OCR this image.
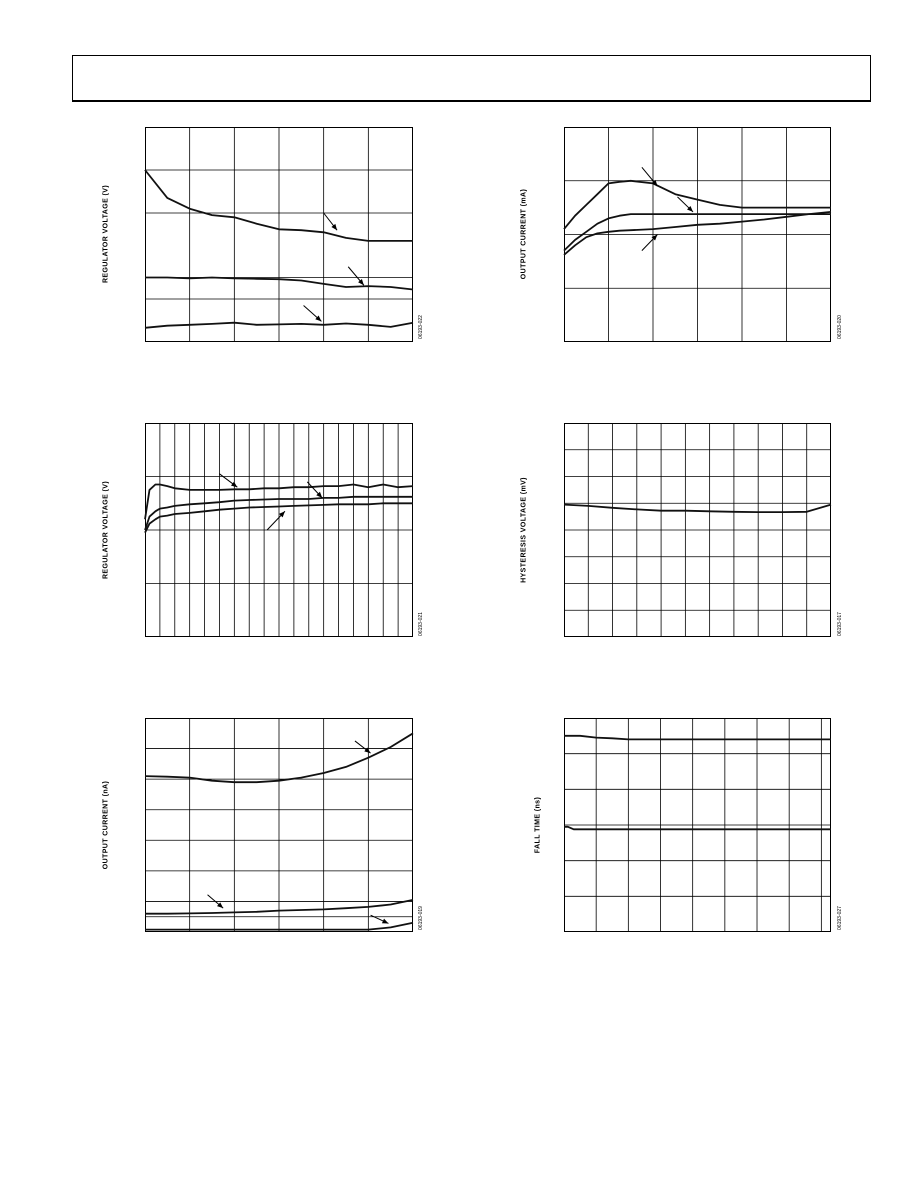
REGULATOR VOLTAGE (V)
06193-022
OUTPUT CURRENT (mA)
06193-020
REGULATOR VOLTAGE (V)
06193-021
HYSTERESIS VOLTAGE (mV)
06193-017
OUTPUT CURRENT (nA)
06193-019
FALL TIME (ns)
06193-027
